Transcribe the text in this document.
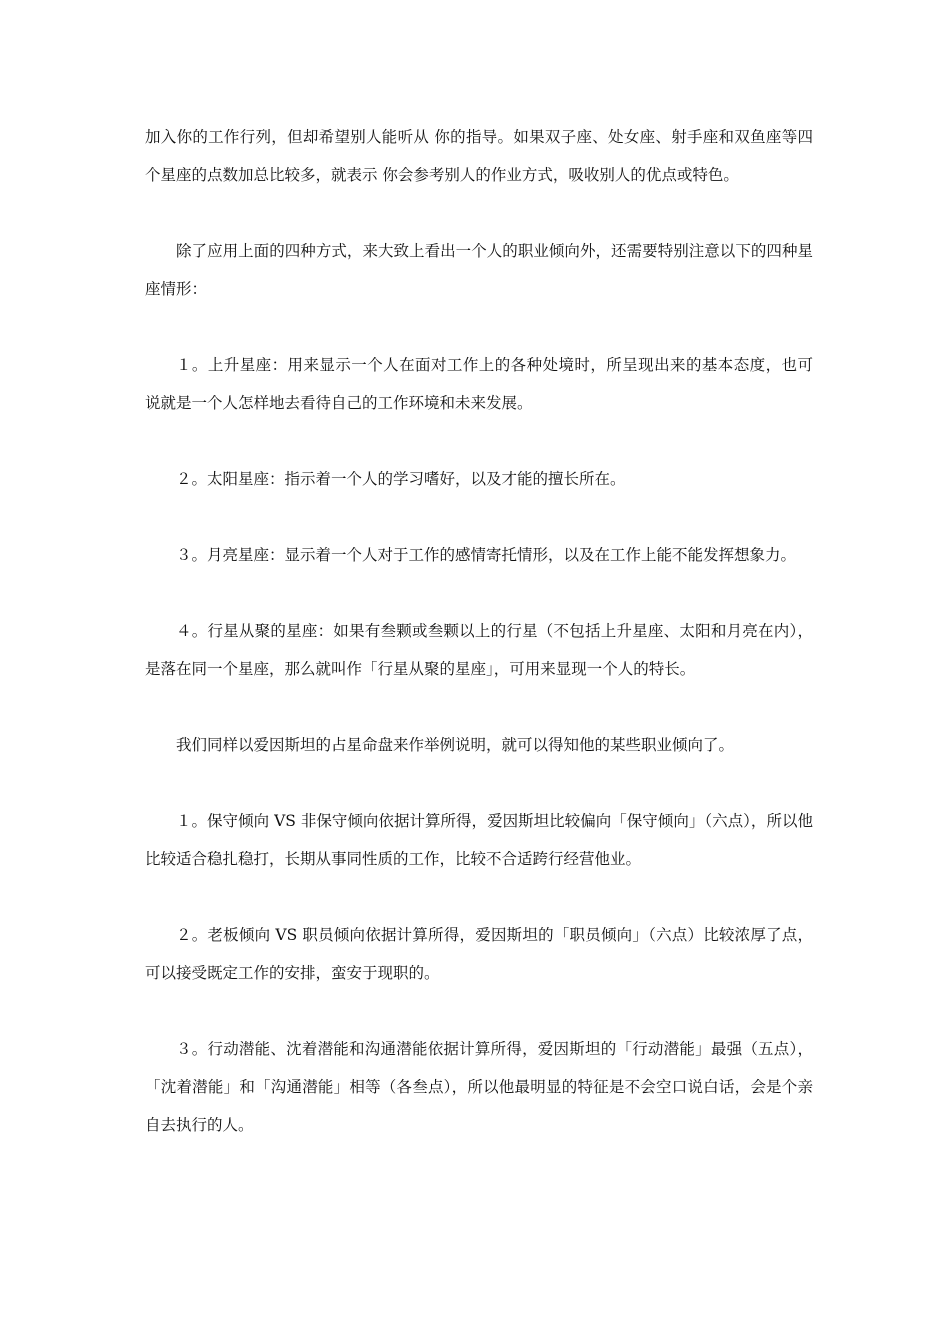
加入你的工作行列，但却希望别人能听从 你的指导。如果双子座、处女座、射手座和双鱼座等四个星座的点数加总比较多，就表示 你会参考别人的作业方式，吸收别人的优点或特色。

除了应用上面的四种方式，来大致上看出一个人的职业倾向外，还需要特别注意以下的四种星座情形：

１。上升星座：用来显示一个人在面对工作上的各种处境时，所呈现出来的基本态度，也可 说就是一个人怎样地去看待自己的工作环境和未来发展。

２。太阳星座：指示着一个人的学习嗜好，以及才能的擅长所在。

３。月亮星座：显示着一个人对于工作的感情寄托情形，以及在工作上能不能发挥想象力。

４。行星从聚的星座：如果有叁颗或叁颗以上的行星（不包括上升星座、太阳和月亮在内），是落在同一个星座，那么就叫作「行星从聚的星座」，可用来显现一个人的特长。

我们同样以爱因斯坦的占星命盘来作举例说明，就可以得知他的某些职业倾向了。

１。保守倾向 VS 非保守倾向依据计算所得，爱因斯坦比较偏向「保守倾向」（六点），所以他比较适合稳扎稳打，长期从事同性质的工作，比较不合适跨行经营他业。

２。老板倾向 VS 职员倾向依据计算所得，爱因斯坦的「职员倾向」（六点）比较浓厚了点，可以接受既定工作的安排，蛮安于现职的。

３。行动潜能、沈着潜能和沟通潜能依据计算所得，爱因斯坦的「行动潜能」最强（五点），「沈着潜能」和「沟通潜能」相等（各叁点），所以他最明显的特征是不会空口说白话，会是个亲自去执行的人。
